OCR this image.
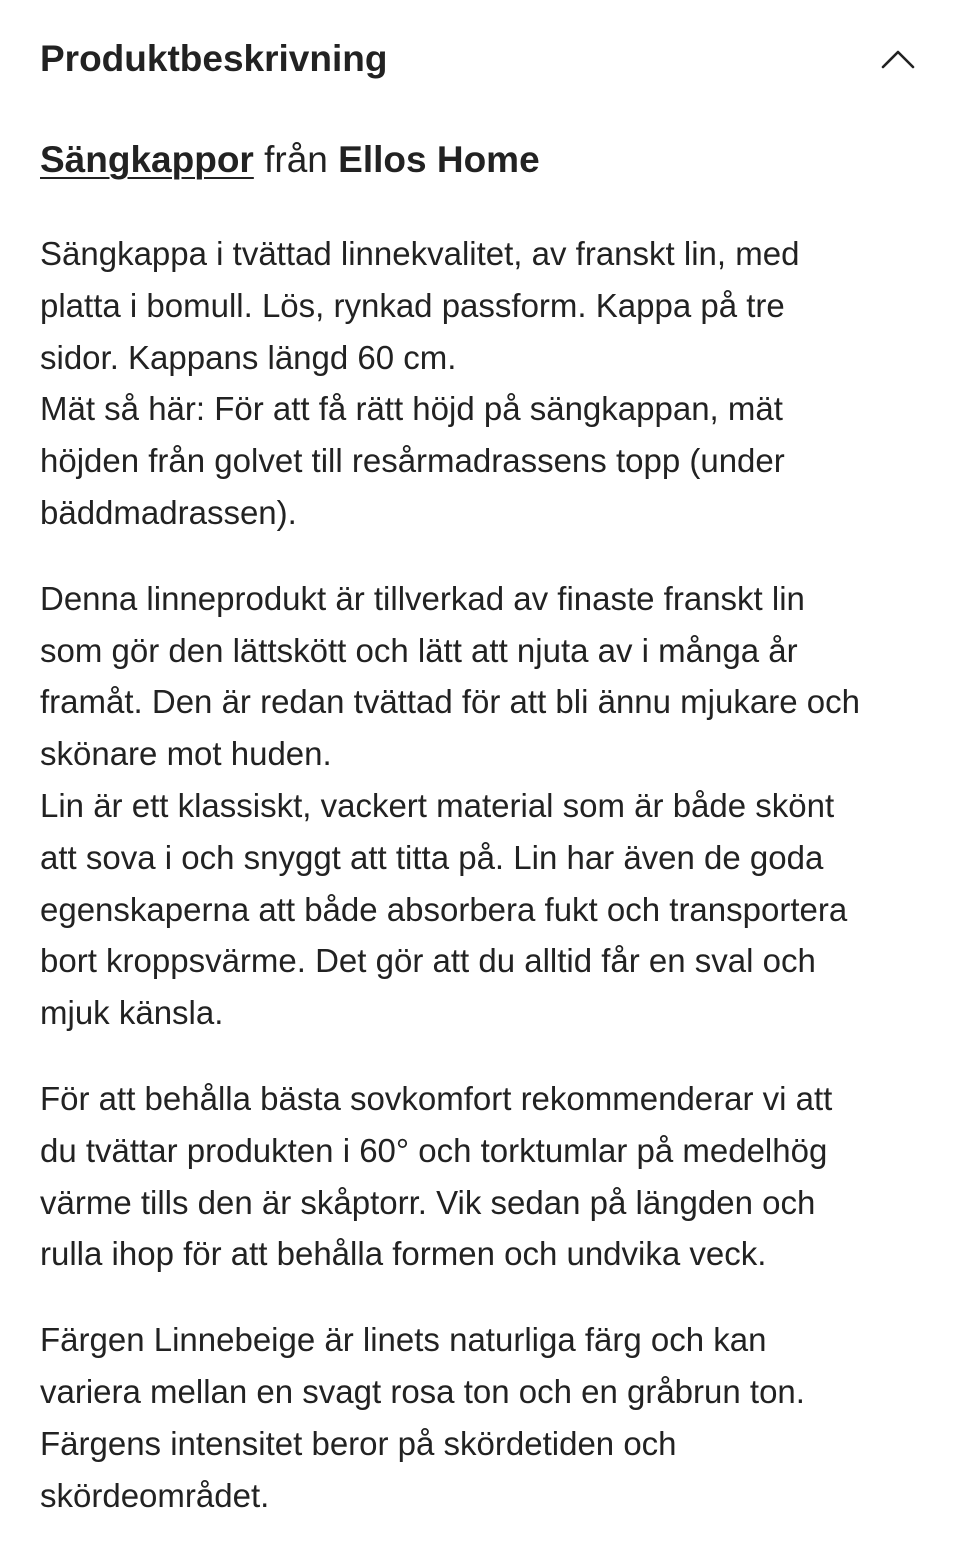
Produktbeskrivning
Sängkappor från Ellos Home

Sängkappa i tvättad linnekvalitet, av franskt lin, med

platta i bomull. Lös, rynkad passform. Kappa på tre

sidor. Kappans längd 60 cm.

Mät så här: För att få rätt höjd på sängkappan, mät

höjden från golvet till resårmadrassens topp (under

bäddmadrassen).

Denna linneprodukt är tillverkad av finaste franskt lin

som gör den lättskött och lätt att njuta av i många år

framåt. Den är redan tvättad för att bli ännu mjukare och

skönare mot huden.

Lin är ett klassiskt, vackert material som är både skönt

att sova i och snyggt att titta på. Lin har även de goda

egenskaperna att både absorbera fukt och transportera

bort kroppsvärme. Det gör att du alltid får en sval och

mjuk känsla.

För att behålla bästa sovkomfort rekommenderar vi att

du tvättar produkten i 60° och torktumlar på medelhög

värme tills den är skåptorr. Vik sedan på längden och

rulla ihop för att behålla formen och undvika veck.

Färgen Linnebeige är linets naturliga färg och kan

variera mellan en svagt rosa ton och en gråbrun ton.

Färgens intensitet beror på skördetiden och

skördeområdet.
